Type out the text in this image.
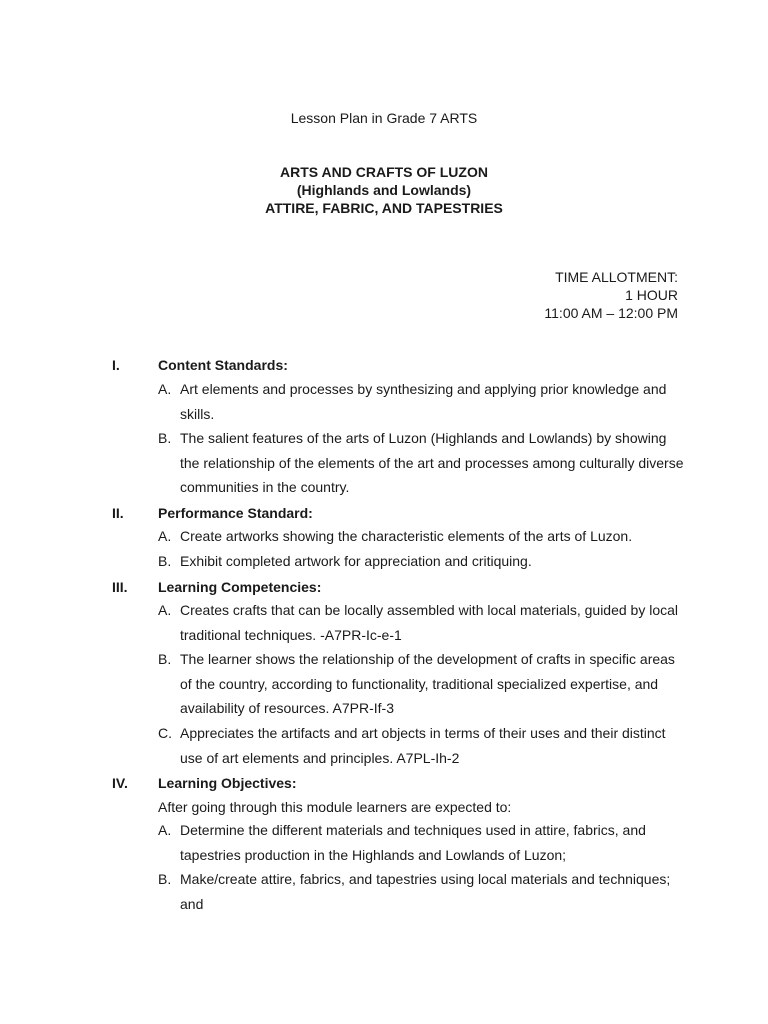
Lesson Plan in Grade 7 ARTS
ARTS AND CRAFTS OF LUZON
(Highlands and Lowlands)
ATTIRE, FABRIC, AND TAPESTRIES
TIME ALLOTMENT:
1 HOUR
11:00 AM – 12:00 PM
I.	Content Standards:
A. Art elements and processes by synthesizing and applying prior knowledge and skills.
B. The salient features of the arts of Luzon (Highlands and Lowlands) by showing the relationship of the elements of the art and processes among culturally diverse communities in the country.
II. Performance Standard:
A. Create artworks showing the characteristic elements of the arts of Luzon.
B. Exhibit completed artwork for appreciation and critiquing.
III. Learning Competencies:
A. Creates crafts that can be locally assembled with local materials, guided by local traditional techniques. -A7PR-Ic-e-1
B. The learner shows the relationship of the development of crafts in specific areas of the country, according to functionality, traditional specialized expertise, and availability of resources. A7PR-If-3
C. Appreciates the artifacts and art objects in terms of their uses and their distinct use of art elements and principles. A7PL-Ih-2
IV. Learning Objectives:
After going through this module learners are expected to:
A. Determine the different materials and techniques used in attire, fabrics, and tapestries production in the Highlands and Lowlands of Luzon;
B. Make/create attire, fabrics, and tapestries using local materials and techniques; and
